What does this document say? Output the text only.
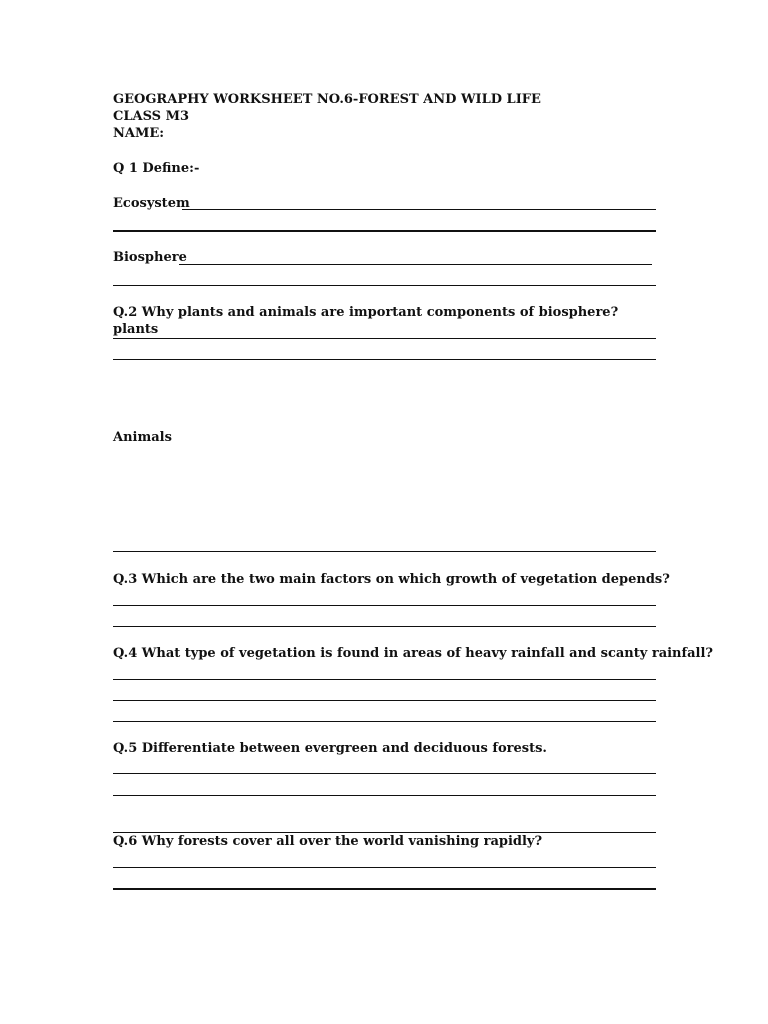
GEOGRAPHY WORKSHEET NO.6-FOREST AND WILD LIFE
CLASS M3
NAME:
Q 1 Define:-
Ecosystem
Biosphere
Q.2 Why plants and animals are important components of biosphere?
plants
Animals
Q.3 Which are the two main factors on which growth of vegetation depends?
Q.4 What type of vegetation is found in areas of heavy rainfall and scanty rainfall?
Q.5 Differentiate between evergreen and deciduous forests.
Q.6 Why forests cover all over the world vanishing rapidly?
